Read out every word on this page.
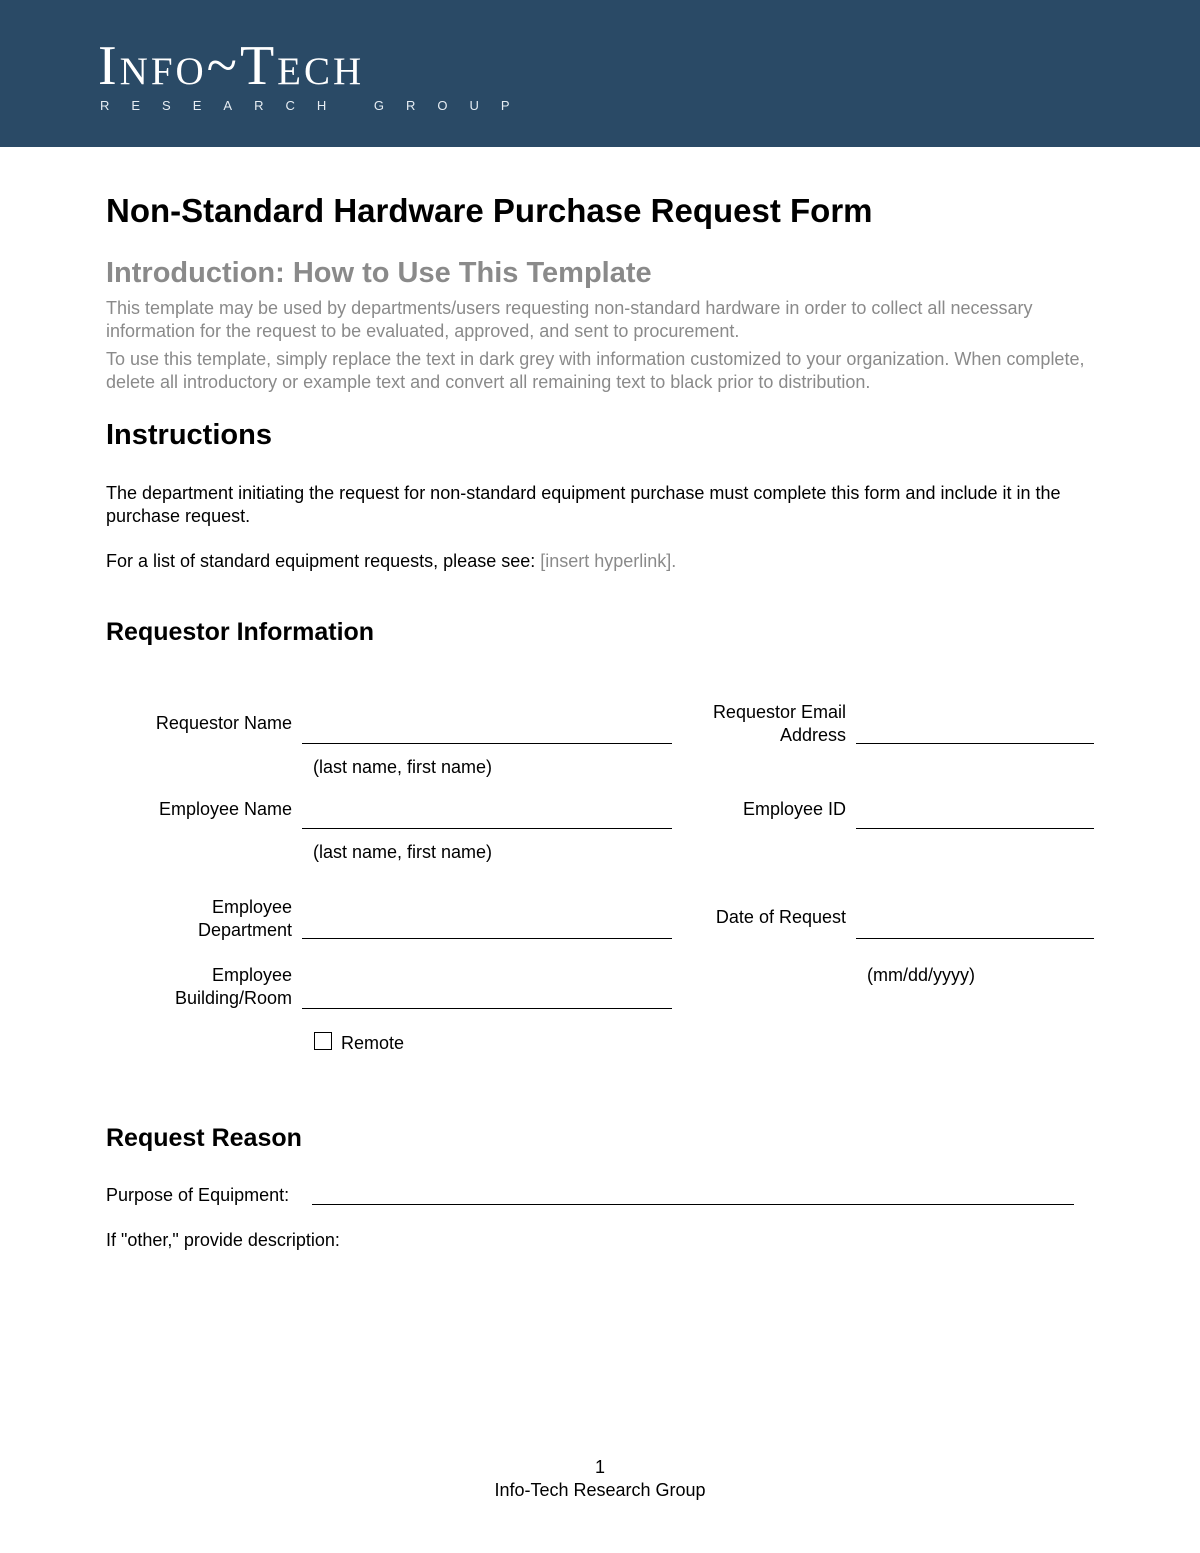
Info~Tech
RESEARCH GROUP
Non-Standard Hardware Purchase Request Form
Introduction: How to Use This Template
This template may be used by departments/users requesting non-standard hardware in order to collect all necessary information for the request to be evaluated, approved, and sent to procurement.
To use this template, simply replace the text in dark grey with information customized to your organization. When complete, delete all introductory or example text and convert all remaining text to black prior to distribution.
Instructions
The department initiating the request for non-standard equipment purchase must complete this form and include it in the purchase request.
For a list of standard equipment requests, please see: [insert hyperlink].
Requestor Information
Requestor Name
(last name, first name)
Requestor Email
Address
Employee Name
(last name, first name)
Employee ID
Employee
Department
Date of Request
(mm/dd/yyyy)
Employee
Building/Room
Remote
Request Reason
Purpose of Equipment:
If "other," provide description:
1
Info-Tech Research Group
